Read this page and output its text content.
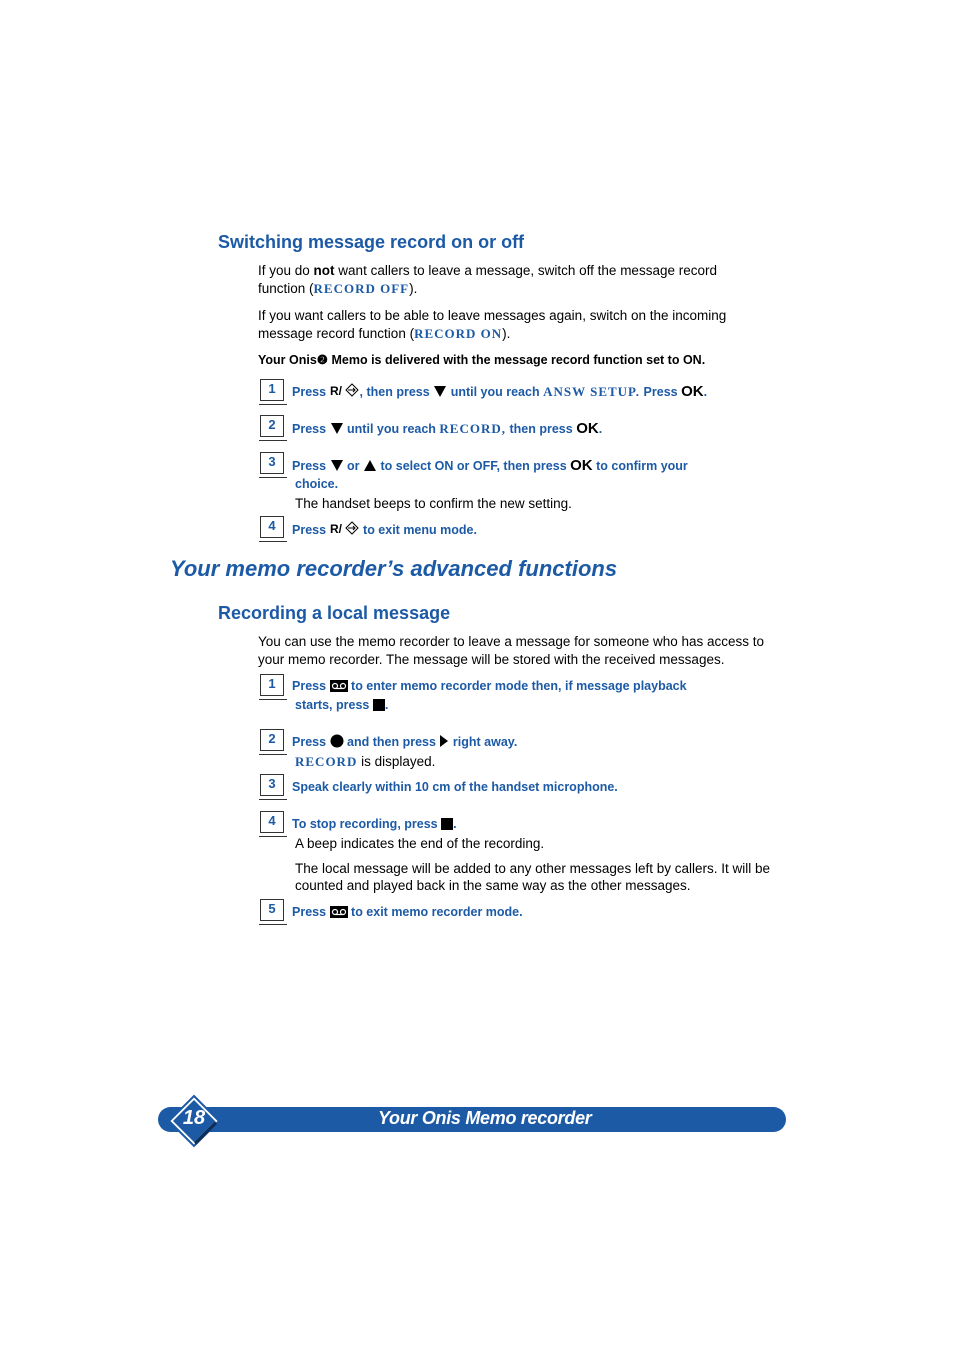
Switching message record on or off

If you do not want callers to leave a message, switch off the message record function (RECORD OFF).

If you want callers to be able to leave messages again, switch on the incoming message record function (RECORD ON).

Your Onis❷ Memo is delivered with the message record function set to ON.

1	Press R/ , then press until you reach ANSW SETUP. Press OK.
2	Press until you reach RECORD, then press OK.
3	Press or to select ON or OFF, then press OK to confirm your
choice.
The handset beeps to confirm the new setting.
4	Press R/ to exit menu mode.
Your memo recorder’s advanced functions
Recording a local message

You can use the memo recorder to leave a message for someone who has access to your memo recorder. The message will be stored with the received messages.

1	Press to enter memo recorder mode then, if message playback
starts, press .
2	Press and then press right away.
RECORD is displayed.
3	Speak clearly within 10 cm of the handset microphone.
4	To stop recording, press .
A beep indicates the end of the recording.
The local message will be added to any other messages left by callers. It will be counted and played back in the same way as the other messages.
5	Press to exit memo recorder mode.
18	Your Onis Memo recorder
